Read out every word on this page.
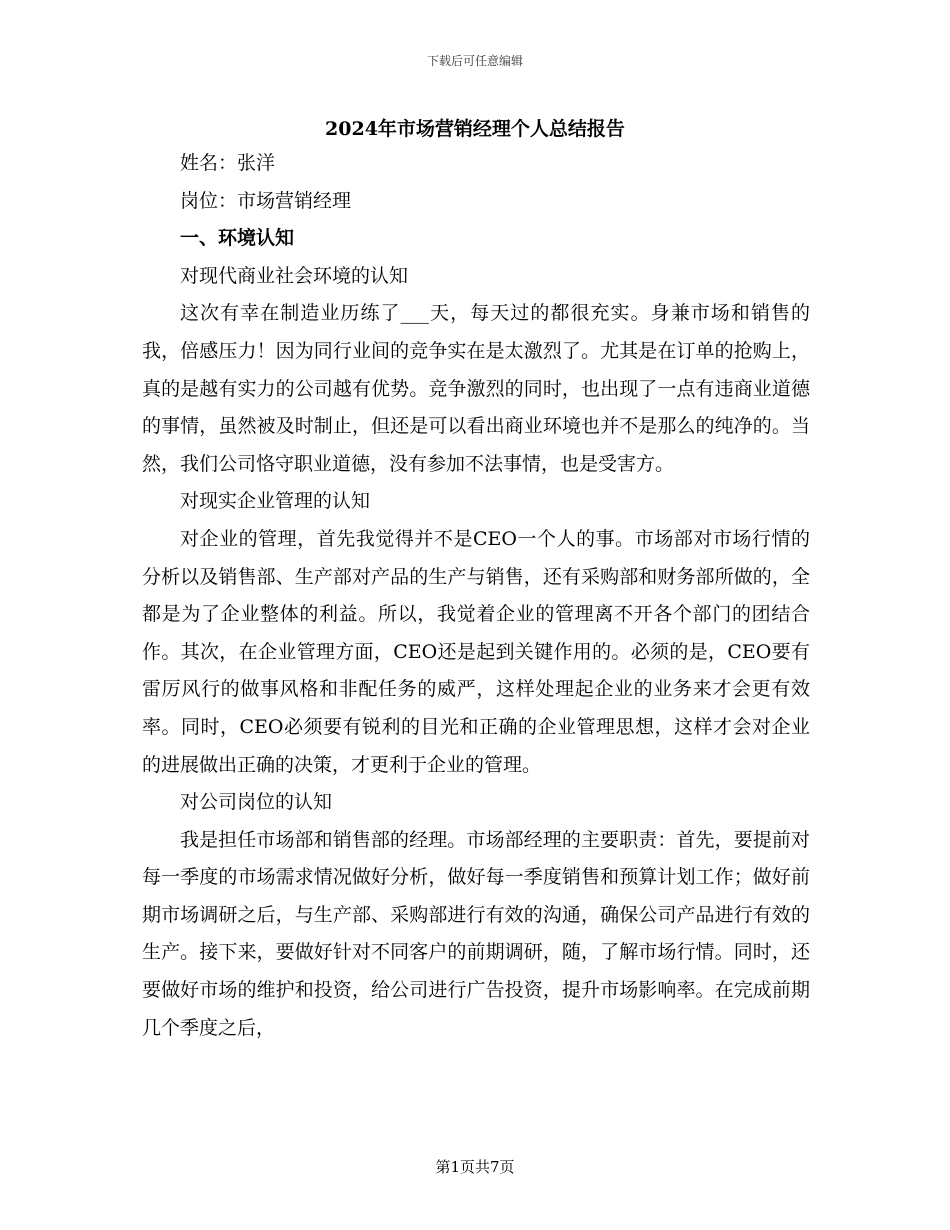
下载后可任意编辑
2024年市场营销经理个人总结报告

姓名：张洋

岗位：市场营销经理

一、环境认知

对现代商业社会环境的认知

这次有幸在制造业历练了___天，每天过的都很充实。身兼市场和销售的我，倍感压力！因为同行业间的竞争实在是太激烈了。尤其是在订单的抢购上，真的是越有实力的公司越有优势。竞争激烈的同时，也出现了一点有违商业道德的事情，虽然被及时制止，但还是可以看出商业环境也并不是那么的纯净的。当然，我们公司恪守职业道德，没有参加不法事情，也是受害方。

对现实企业管理的认知

对企业的管理，首先我觉得并不是CEO一个人的事。市场部对市场行情的分析以及销售部、生产部对产品的生产与销售，还有采购部和财务部所做的，全都是为了企业整体的利益。所以，我觉着企业的管理离不开各个部门的团结合作。其次，在企业管理方面，CEO还是起到关键作用的。必须的是，CEO要有雷厉风行的做事风格和非配任务的威严，这样处理起企业的业务来才会更有效率。同时，CEO必须要有锐利的目光和正确的企业管理思想，这样才会对企业的进展做出正确的决策，才更利于企业的管理。

对公司岗位的认知

我是担任市场部和销售部的经理。市场部经理的主要职责：首先，要提前对每一季度的市场需求情况做好分析，做好每一季度销售和预算计划工作；做好前期市场调研之后，与生产部、采购部进行有效的沟通，确保公司产品进行有效的生产。接下来，要做好针对不同客户的前期调研，随，了解市场行情。同时，还要做好市场的维护和投资，给公司进行广告投资，提升市场影响率。在完成前期几个季度之后，

第1页共7页
